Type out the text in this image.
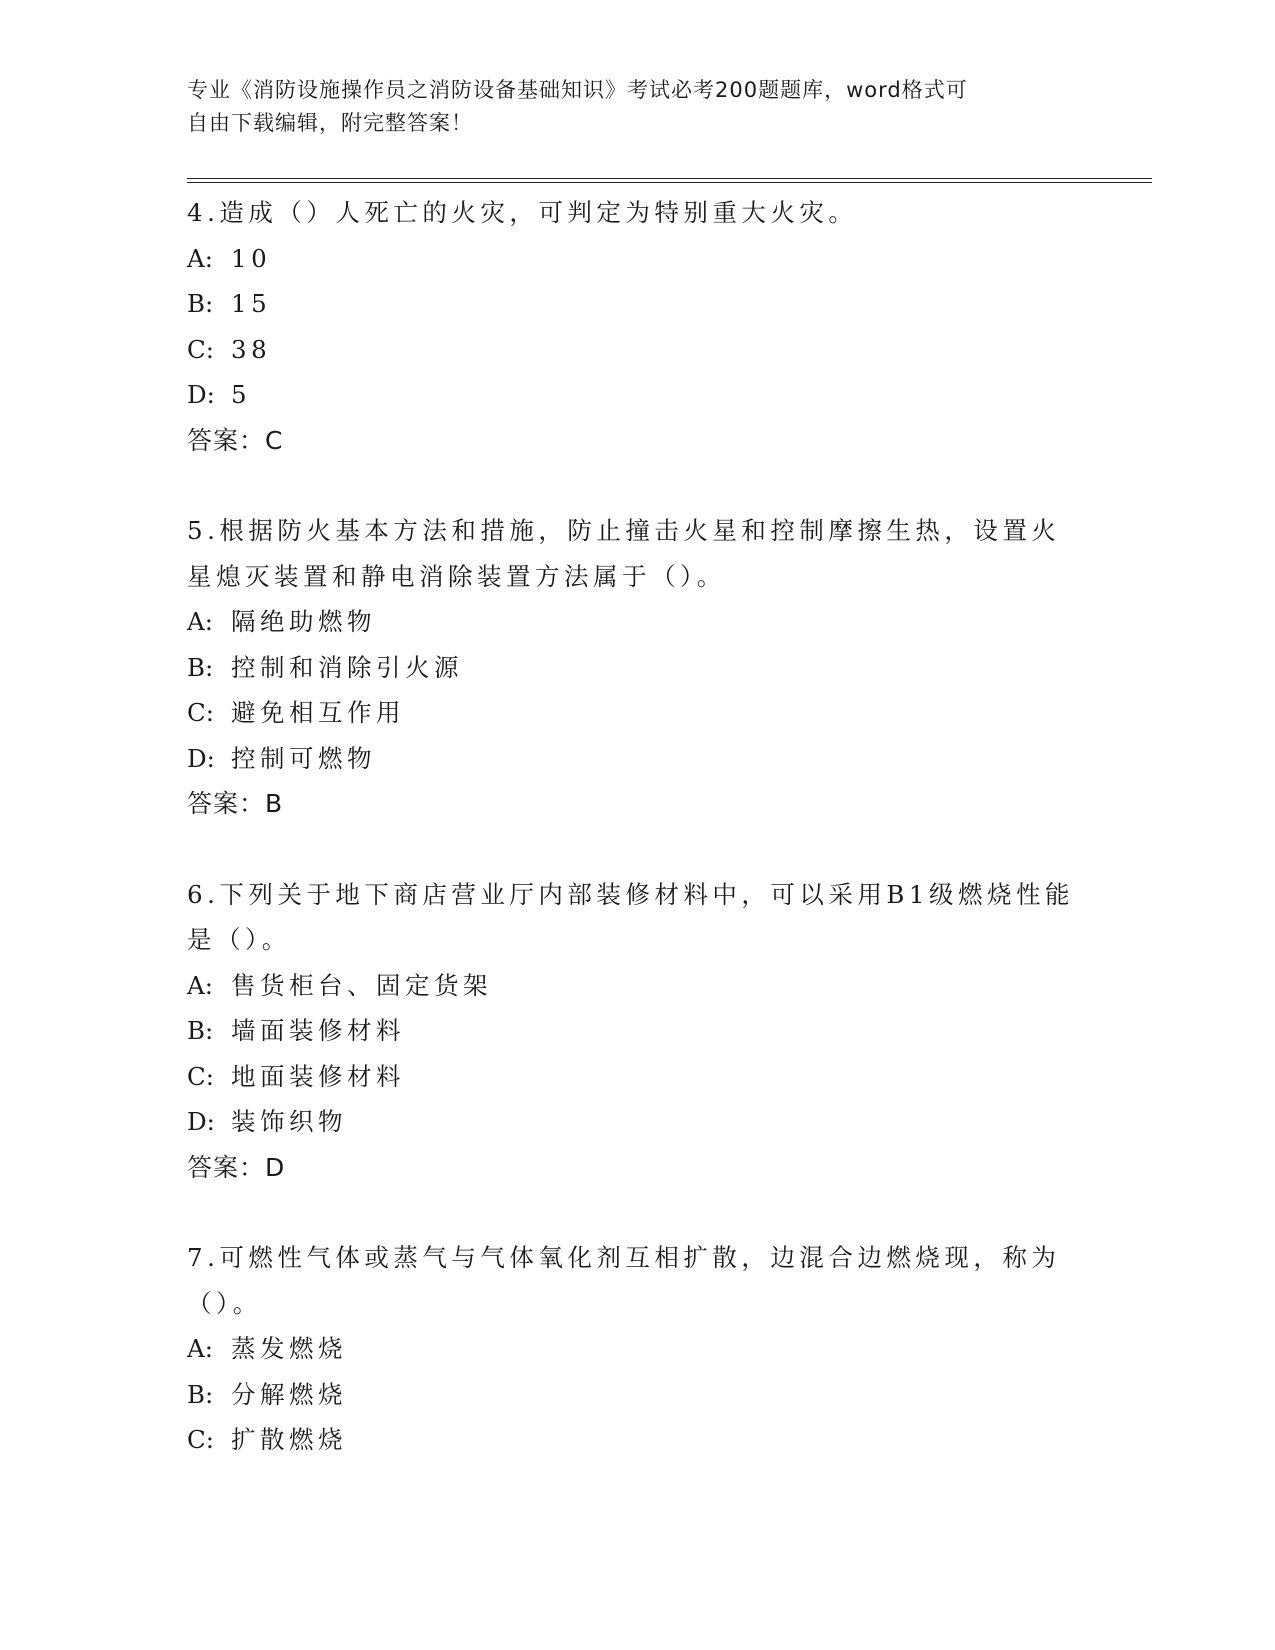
专业《消防设施操作员之消防设备基础知识》考试必考200题题库，word格式可
自由下载编辑，附完整答案！

4.造成（）人死亡的火灾，可判定为特别重大火灾。

A: 10
B: 15
C: 38
D: 5
答案：C

5.根据防火基本方法和措施，防止撞击火星和控制摩擦生热，设置火星熄灭装置和静电消除装置方法属于（）。

A: 隔绝助燃物
B: 控制和消除引火源
C: 避免相互作用
D: 控制可燃物
答案：B

6.下列关于地下商店营业厅内部装修材料中，可以采用B1级燃烧性能是（）。

A: 售货柜台、固定货架
B: 墙面装修材料
C: 地面装修材料
D: 装饰织物
答案：D

7.可燃性气体或蒸气与气体氧化剂互相扩散，边混合边燃烧现，称为（）。

A: 蒸发燃烧
B: 分解燃烧
C: 扩散燃烧
